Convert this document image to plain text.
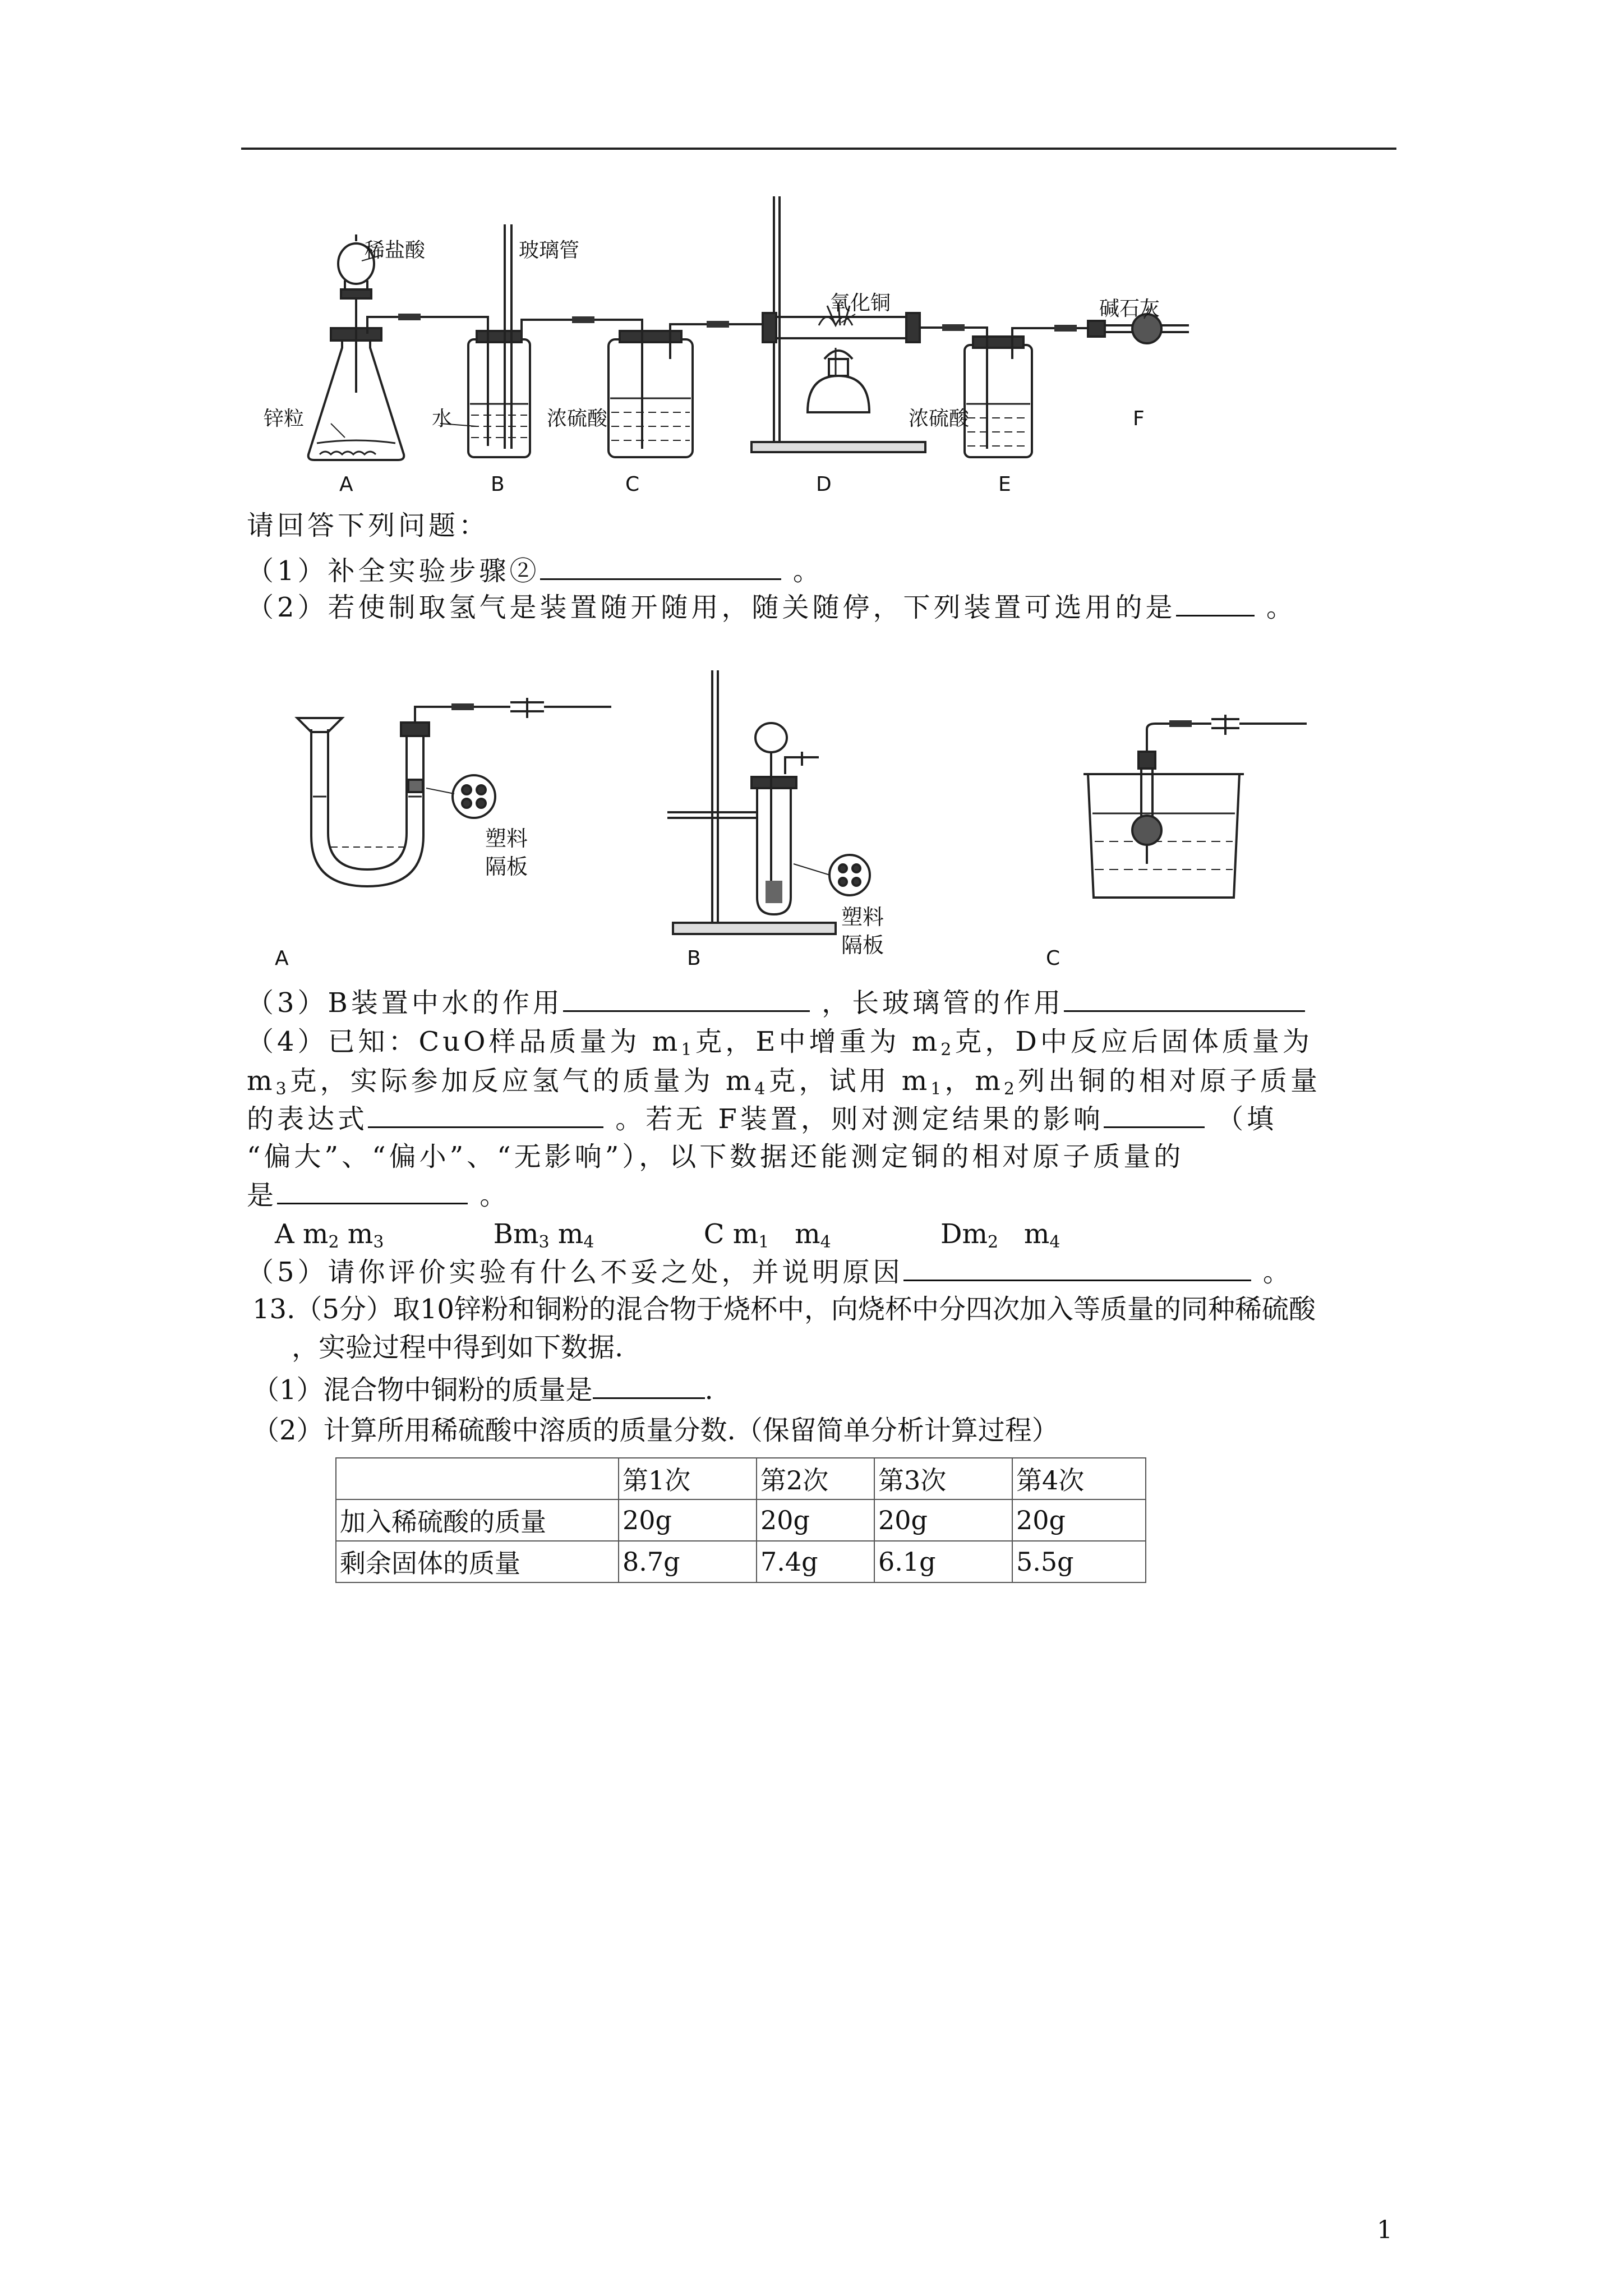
稀盐酸	玻璃管
氧化铜	碱石灰
锌粒	水	浓硫酸	浓硫酸	F
A	B	C	D	E
请回答下列问题：
（1）补全实验步骤②	。
（2）若使制取氢气是装置随开随用，随关随停，下列装置可选用的是	。
A	B	C
塑料
隔板
塑料
隔板
（3）B装置中水的作用	，长玻璃管的作用
（4）已知：CuO样品质量为 $m_1$克，E中增重为 $m_2$克，D中反应后固体质量为
$m_3$克，实际参加反应氢气的质量为 $m_4$克，试用 $m_1$，$m_2$列出铜的相对原子质量
的表达式	。若无 F装置，则对测定结果的影响	（填
“偏大”、“偏小”、“无影响”），以下数据还能测定铜的相对原子质量的
是	。
A $m_2$ $m_3$	$Bm_3$ $m_4$	C $m_1$   $m_4$	$Dm_2$   $m_4$
（5）请你评价实验有什么不妥之处，并说明原因	。
13.（5分）取10锌粉和铜粉的混合物于烧杯中，向烧杯中分四次加入等质量的同种稀硫酸
，实验过程中得到如下数据.
（1）混合物中铜粉的质量是	.
（2）计算所用稀硫酸中溶质的质量分数.（保留简单分析计算过程）
	第1次	第2次	第3次	第4次
加入稀硫酸的质量	20g	20g	20g	20g
剩余固体的质量	8.7g	7.4g	6.1g	5.5g
1
